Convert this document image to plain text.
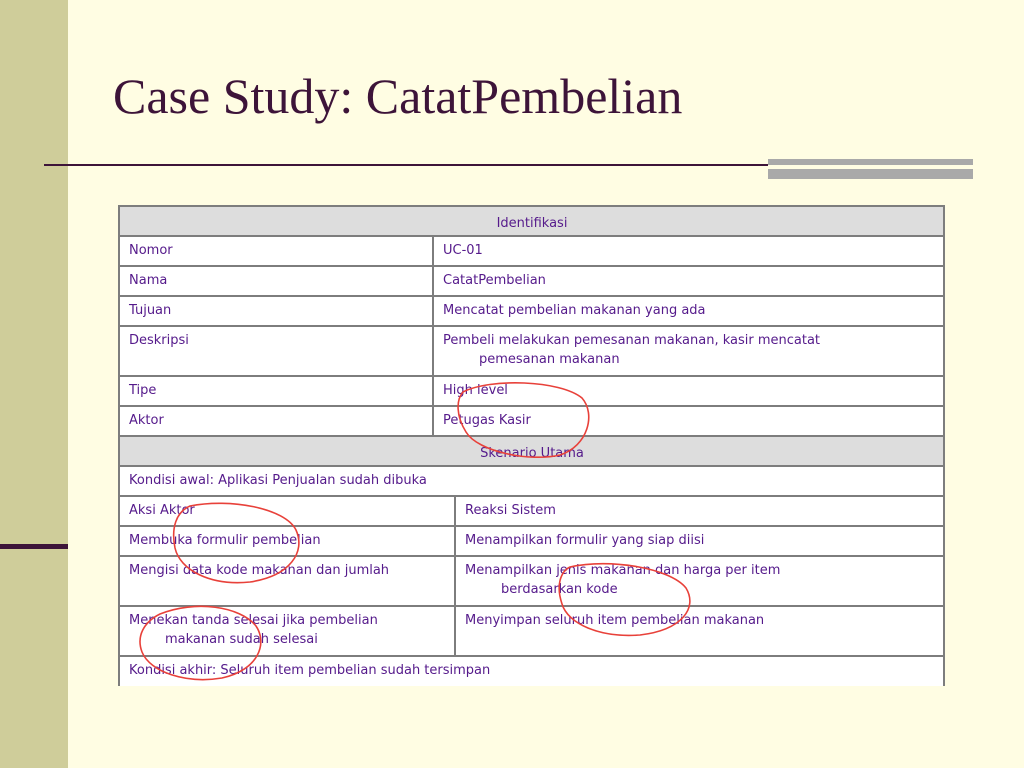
Case Study: CatatPembelian
Identifikasi		
Nomor	UC-01	
Nama	CatatPembelian	
Tujuan	Mencatat pembelian makanan yang ada	
Deskripsi	Pembeli melakukan pemesanan makanan, kasir mencatat
pemesanan makanan	

Tipe	High level	
Aktor	Petugas Kasir	
Skenario Utama		
Kondisi awal: Aplikasi Penjualan sudah dibuka		
Aksi Aktor		Reaksi Sistem
Membuka formulir pembelian		Menampilkan formulir yang siap diisi
Mengisi data kode makanan dan jumlah		Menampilkan jenis makanan dan harga per item
berdasarkan kode

Menekan tanda selesai jika pembelian
makanan sudah selesai		Menyimpan seluruh item pembelian makanan
Kondisi akhir: Seluruh item pembelian sudah tersimpan		
